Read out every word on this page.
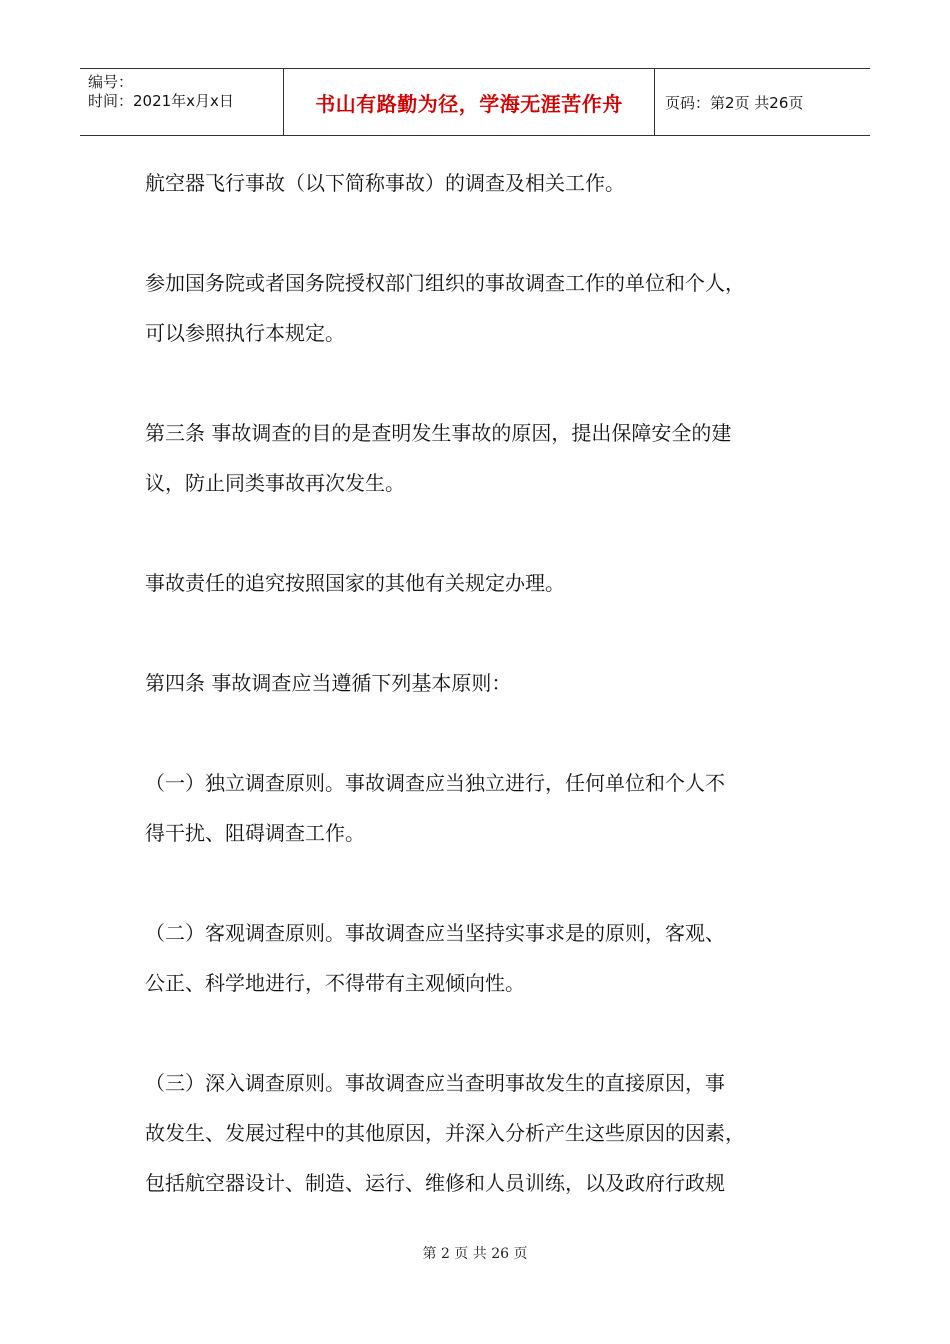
编号：
时间：2021年x月x日	书山有路勤为径，学海无涯苦作舟	页码：第2页 共26页

航空器飞行事故（以下简称事故）的调查及相关工作。

参加国务院或者国务院授权部门组织的事故调查工作的单位和个人，
可以参照执行本规定。

第三条 事故调查的目的是查明发生事故的原因，提出保障安全的建
议，防止同类事故再次发生。

事故责任的追究按照国家的其他有关规定办理。

第四条 事故调查应当遵循下列基本原则：

（一）独立调查原则。事故调查应当独立进行，任何单位和个人不
得干扰、阻碍调查工作。

（二）客观调查原则。事故调查应当坚持实事求是的原则，客观、
公正、科学地进行，不得带有主观倾向性。

（三）深入调查原则。事故调查应当查明事故发生的直接原因，事
故发生、发展过程中的其他原因，并深入分析产生这些原因的因素，
包括航空器设计、制造、运行、维修和人员训练，以及政府行政规

第 2 页 共 26 页
